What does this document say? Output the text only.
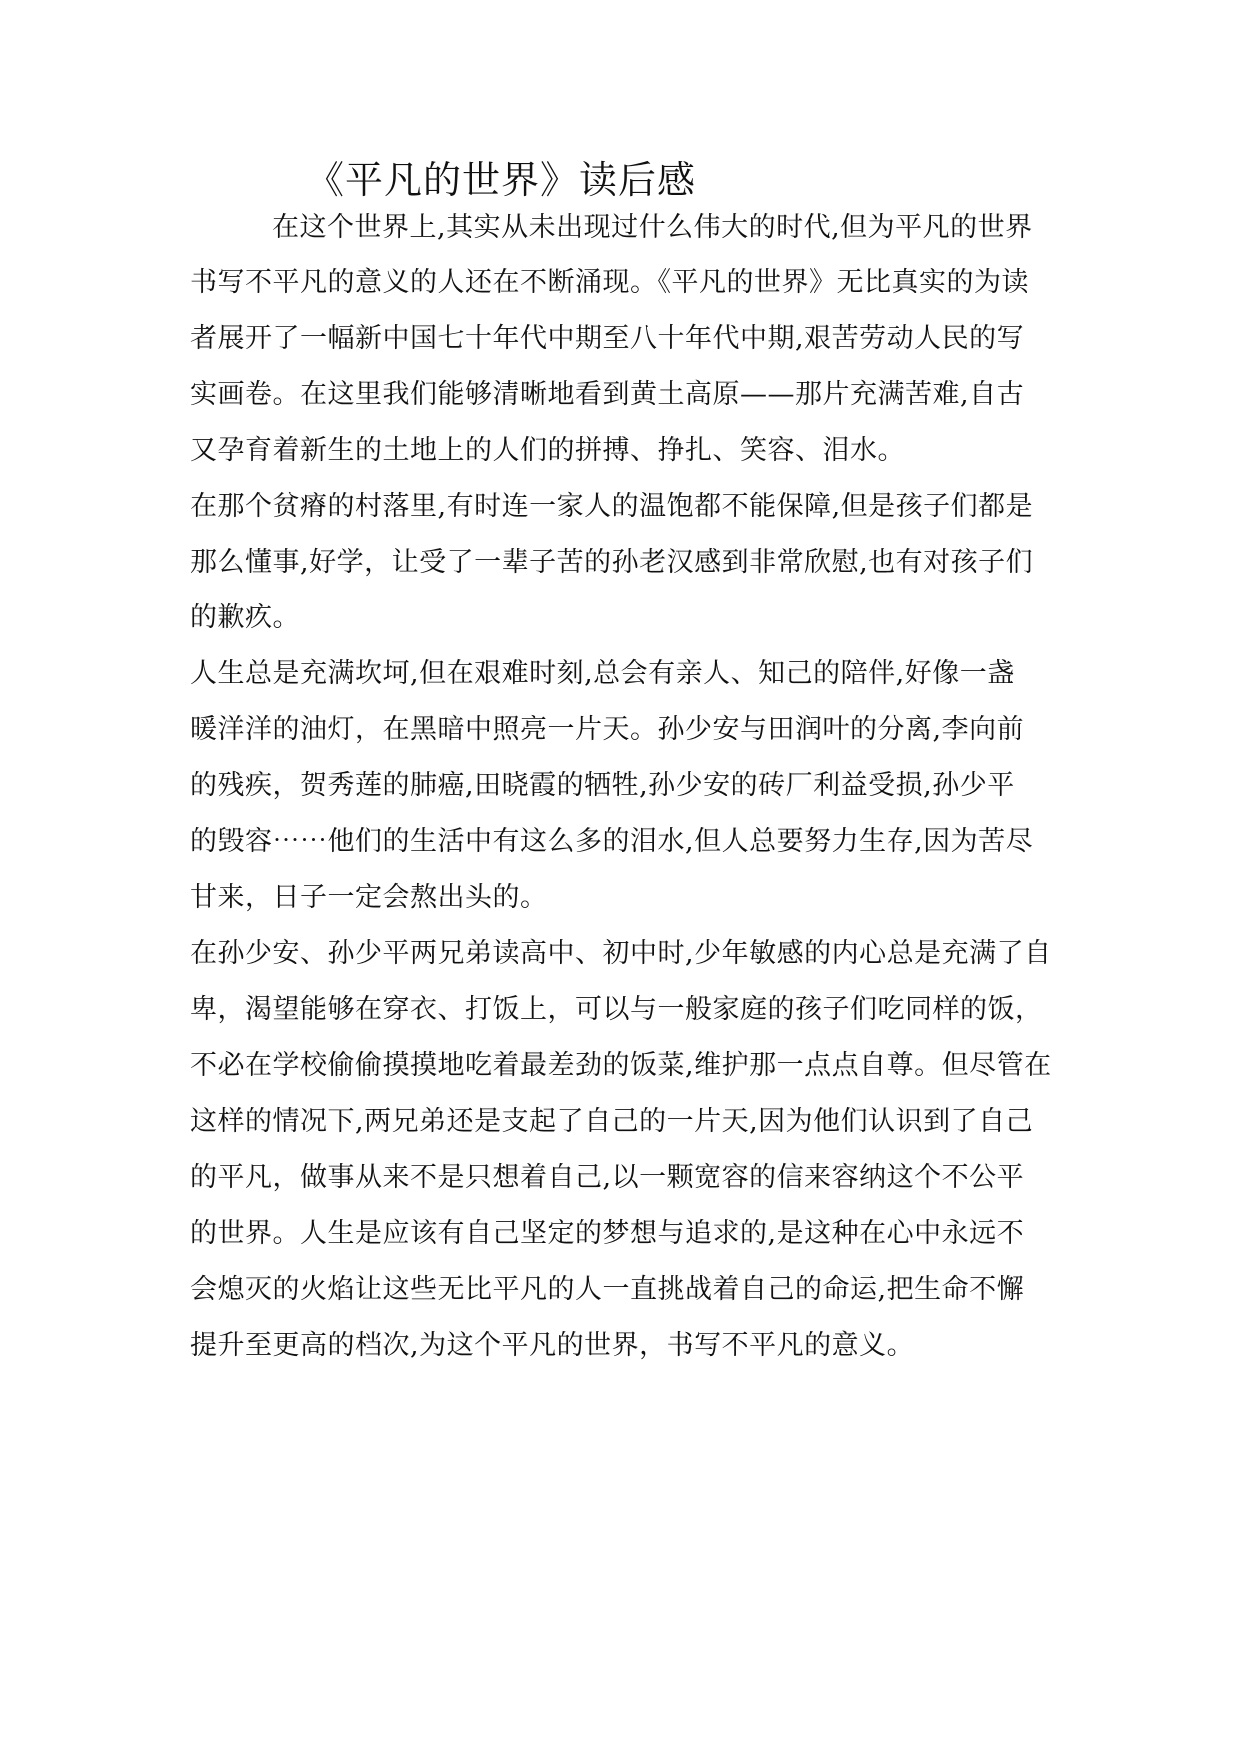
《平凡的世界》读后感
在这个世界上,其实从未出现过什么伟大的时代,但为平凡的世界
书写不平凡的意义的人还在不断涌现。《平凡的世界》无比真实的为读
者展开了一幅新中国七十年代中期至八十年代中期,艰苦劳动人民的写
实画卷。在这里我们能够清晰地看到黄土高原——那片充满苦难,自古
又孕育着新生的土地上的人们的拼搏、挣扎、笑容、泪水。
在那个贫瘠的村落里,有时连一家人的温饱都不能保障,但是孩子们都是
那么懂事,好学，让受了一辈子苦的孙老汉感到非常欣慰,也有对孩子们
的歉疚。
人生总是充满坎坷,但在艰难时刻,总会有亲人、知己的陪伴,好像一盏
暖洋洋的油灯，在黑暗中照亮一片天。孙少安与田润叶的分离,李向前
的残疾，贺秀莲的肺癌,田晓霞的牺牲,孙少安的砖厂利益受损,孙少平
的毁容⋯⋯他们的生活中有这么多的泪水,但人总要努力生存,因为苦尽
甘来，日子一定会熬出头的。
在孙少安、孙少平两兄弟读高中、初中时,少年敏感的内心总是充满了自
卑，渴望能够在穿衣、打饭上，可以与一般家庭的孩子们吃同样的饭，
不必在学校偷偷摸摸地吃着最差劲的饭菜,维护那一点点自尊。但尽管在
这样的情况下,两兄弟还是支起了自己的一片天,因为他们认识到了自己
的平凡，做事从来不是只想着自己,以一颗宽容的信来容纳这个不公平
的世界。人生是应该有自己坚定的梦想与追求的,是这种在心中永远不
会熄灭的火焰让这些无比平凡的人一直挑战着自己的命运,把生命不懈
提升至更高的档次,为这个平凡的世界，书写不平凡的意义。
